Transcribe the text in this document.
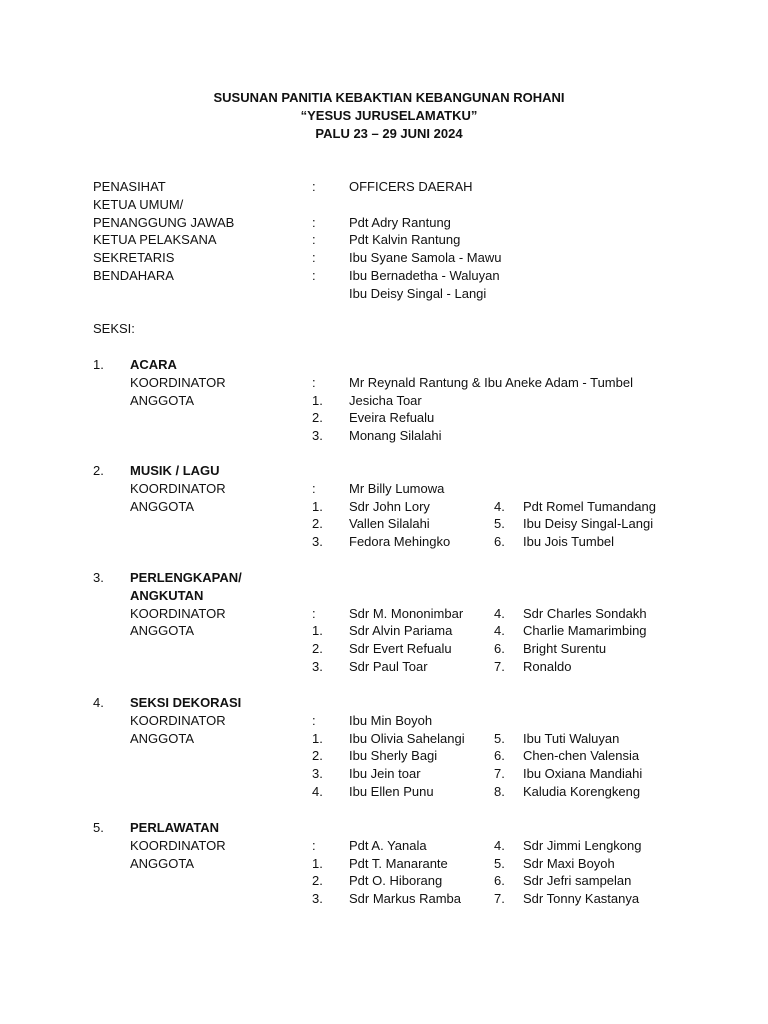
SUSUNAN PANITIA KEBAKTIAN KEBANGUNAN ROHANI
“YESUS JURUSELAMATKU”
PALU 23 – 29 JUNI 2024
PENASIHAT	:	OFFICERS DAERAH
KETUA UMUM/
PENANGGUNG JAWAB	:	Pdt Adry Rantung
KETUA PELAKSANA	:	Pdt Kalvin Rantung
SEKRETARIS	:	Ibu Syane Samola - Mawu
BENDAHARA	:	Ibu Bernadetha - Waluyan
Ibu Deisy Singal - Langi
SEKSI:
1. ACARA
KOORDINATOR	:	Mr Reynald Rantung & Ibu Aneke Adam - Tumbel
ANGGOTA	1. Jesicha Toar
2. Eveira Refualu
3. Monang Silalahi
2. MUSIK / LAGU
KOORDINATOR	:	Mr Billy Lumowa
ANGGOTA	1. Sdr John Lory	4. Pdt Romel Tumandang
2. Vallen Silalahi	5. Ibu Deisy Singal-Langi
3. Fedora Mehingko	6. Ibu Jois Tumbel
3. PERLENGKAPAN/
ANGKUTAN
KOORDINATOR	:	Sdr M. Mononimbar 4. Sdr Charles Sondakh
ANGGOTA	1. Sdr Alvin Pariama	4. Charlie Mamarimbing
2. Sdr Evert Refualu	6. Bright Surentu
3. Sdr Paul Toar	7. Ronaldo
4. SEKSI DEKORASI
KOORDINATOR	:	Ibu Min Boyoh
ANGGOTA	1. Ibu Olivia Sahelangi 5. Ibu Tuti Waluyan
2. Ibu Sherly Bagi	6. Chen-chen Valensia
3. Ibu Jein toar	7. Ibu Oxiana Mandiahi
4. Ibu Ellen Punu	8. Kaludia Korengkeng
5. PERLAWATAN
KOORDINATOR	:	Pdt A. Yanala	4. Sdr Jimmi Lengkong
ANGGOTA	1. Pdt T. Manarante	5. Sdr Maxi Boyoh
2. Pdt O. Hiborang	6. Sdr Jefri sampelan
3. Sdr Markus Ramba	7. Sdr Tonny Kastanya
